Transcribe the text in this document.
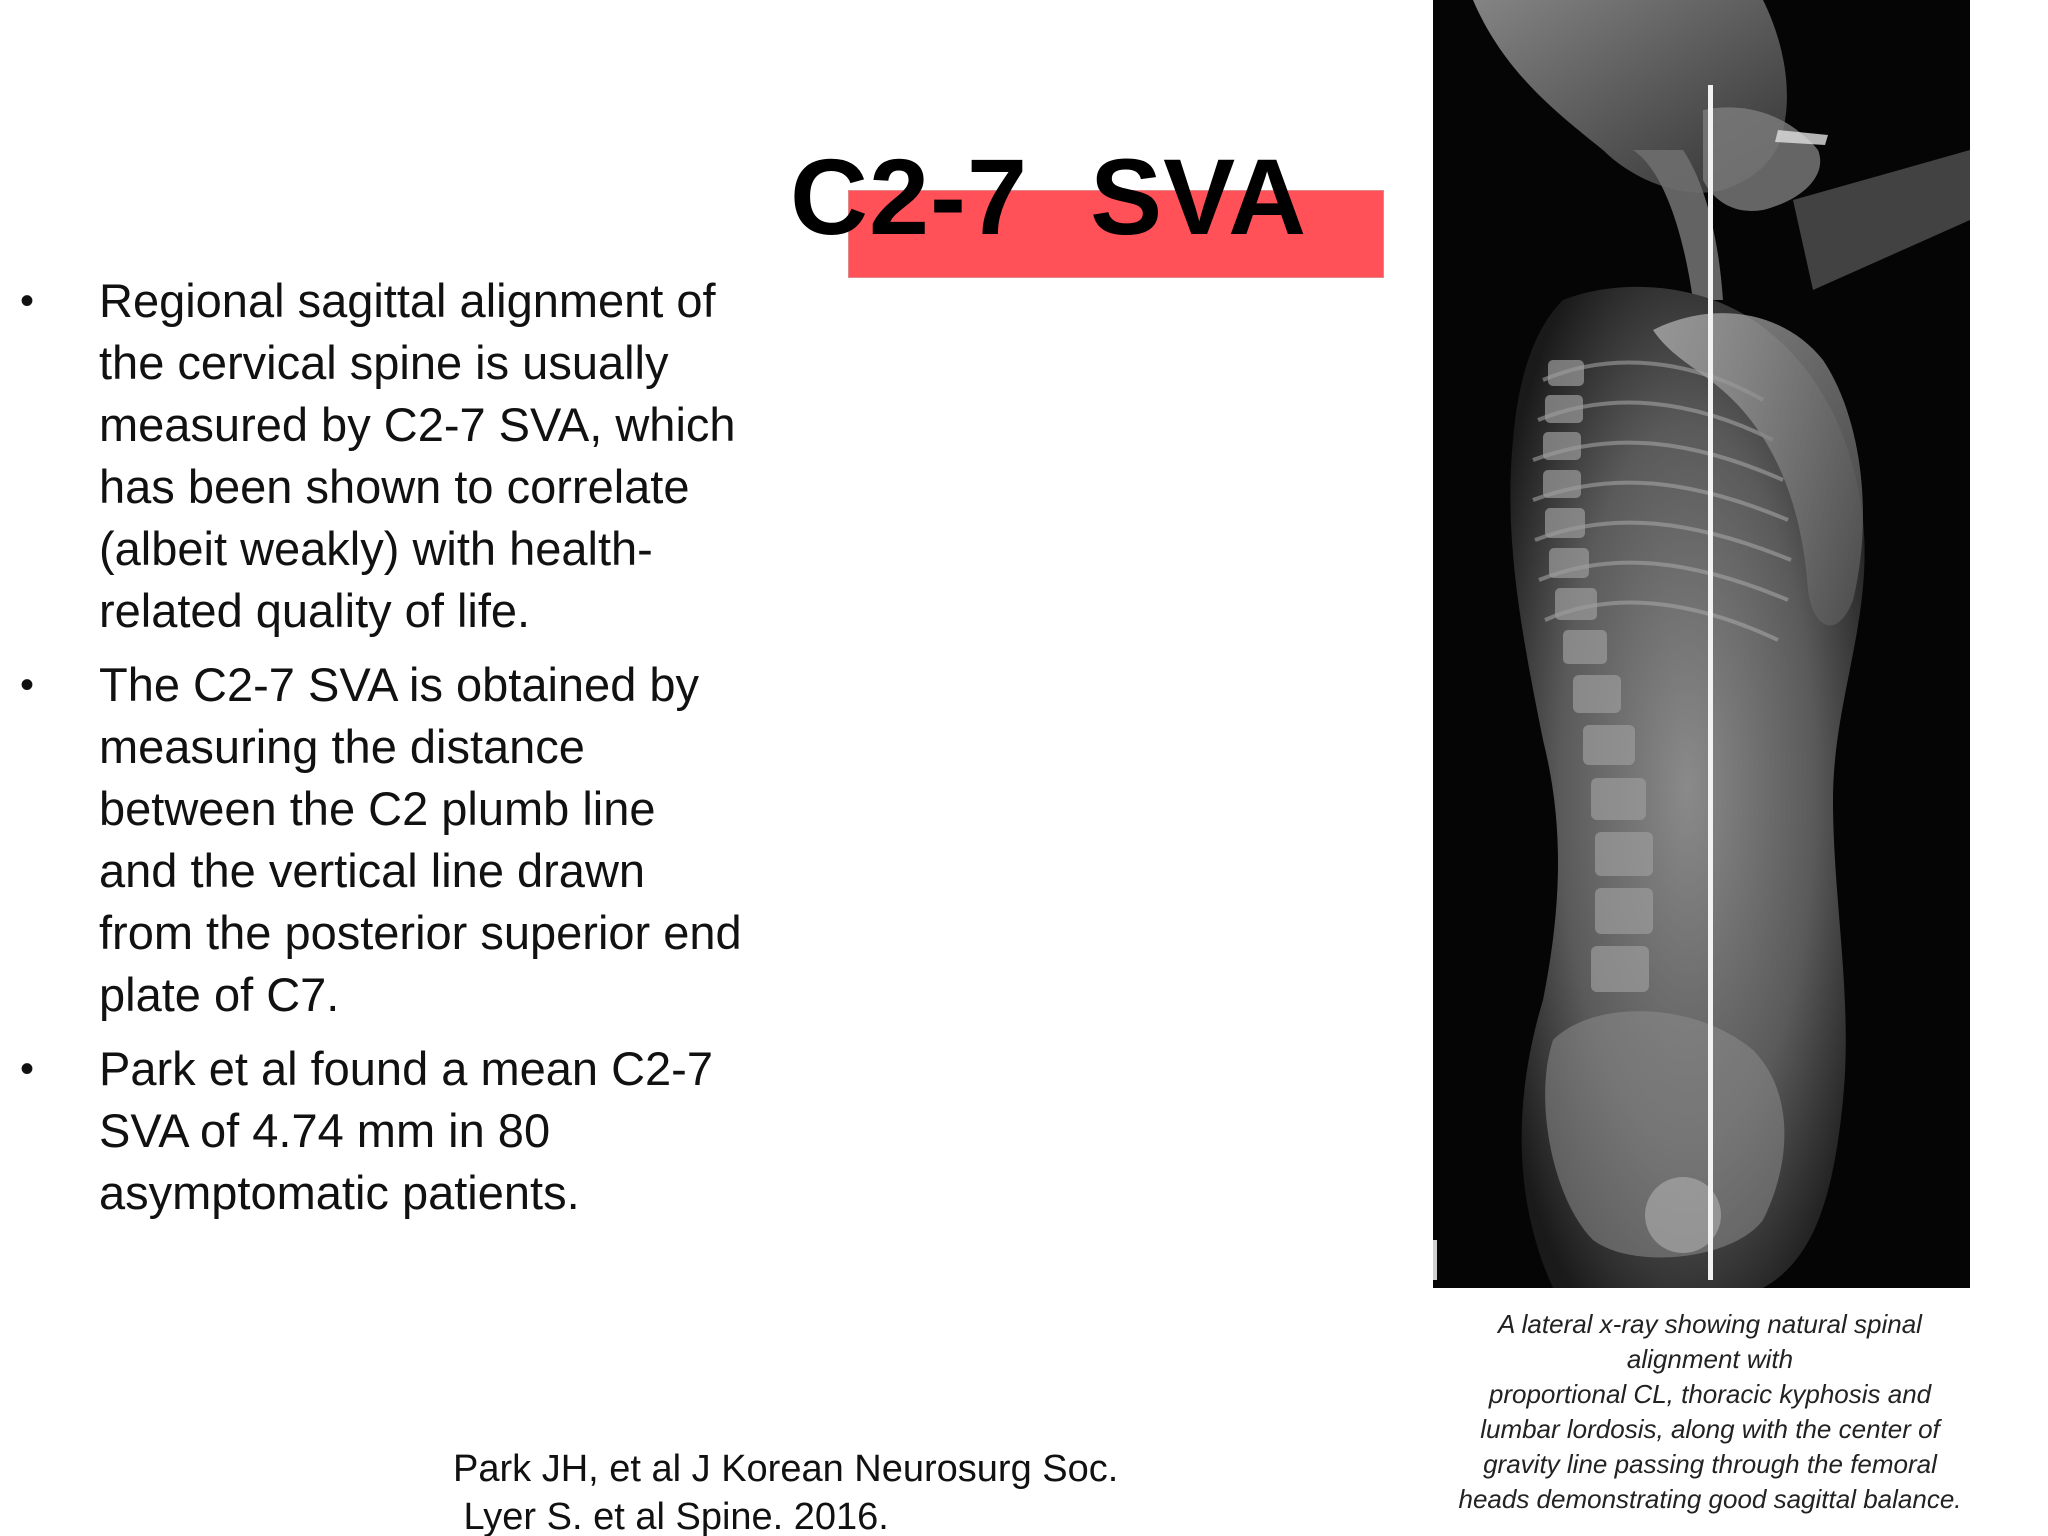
C2-7  SVA
• Regional sagittal alignment of
the cervical spine is usually
measured by C2-7 SVA, which
has been shown to correlate
(albeit weakly) with health-
related quality of life.
• The C2-7 SVA is obtained by
measuring the distance
between the C2 plumb line
and the vertical line drawn
from the posterior superior end
plate of C7.
• Park et al found a mean C2-7
SVA of 4.74 mm in 80
asymptomatic patients.
A lateral x-ray showing natural spinal
alignment with
proportional CL, thoracic kyphosis and
lumbar lordosis, along with the center of
gravity line passing through the femoral
heads demonstrating good sagittal balance.
Park JH, et al J Korean Neurosurg Soc.
Lyer S. et al Spine. 2016.
